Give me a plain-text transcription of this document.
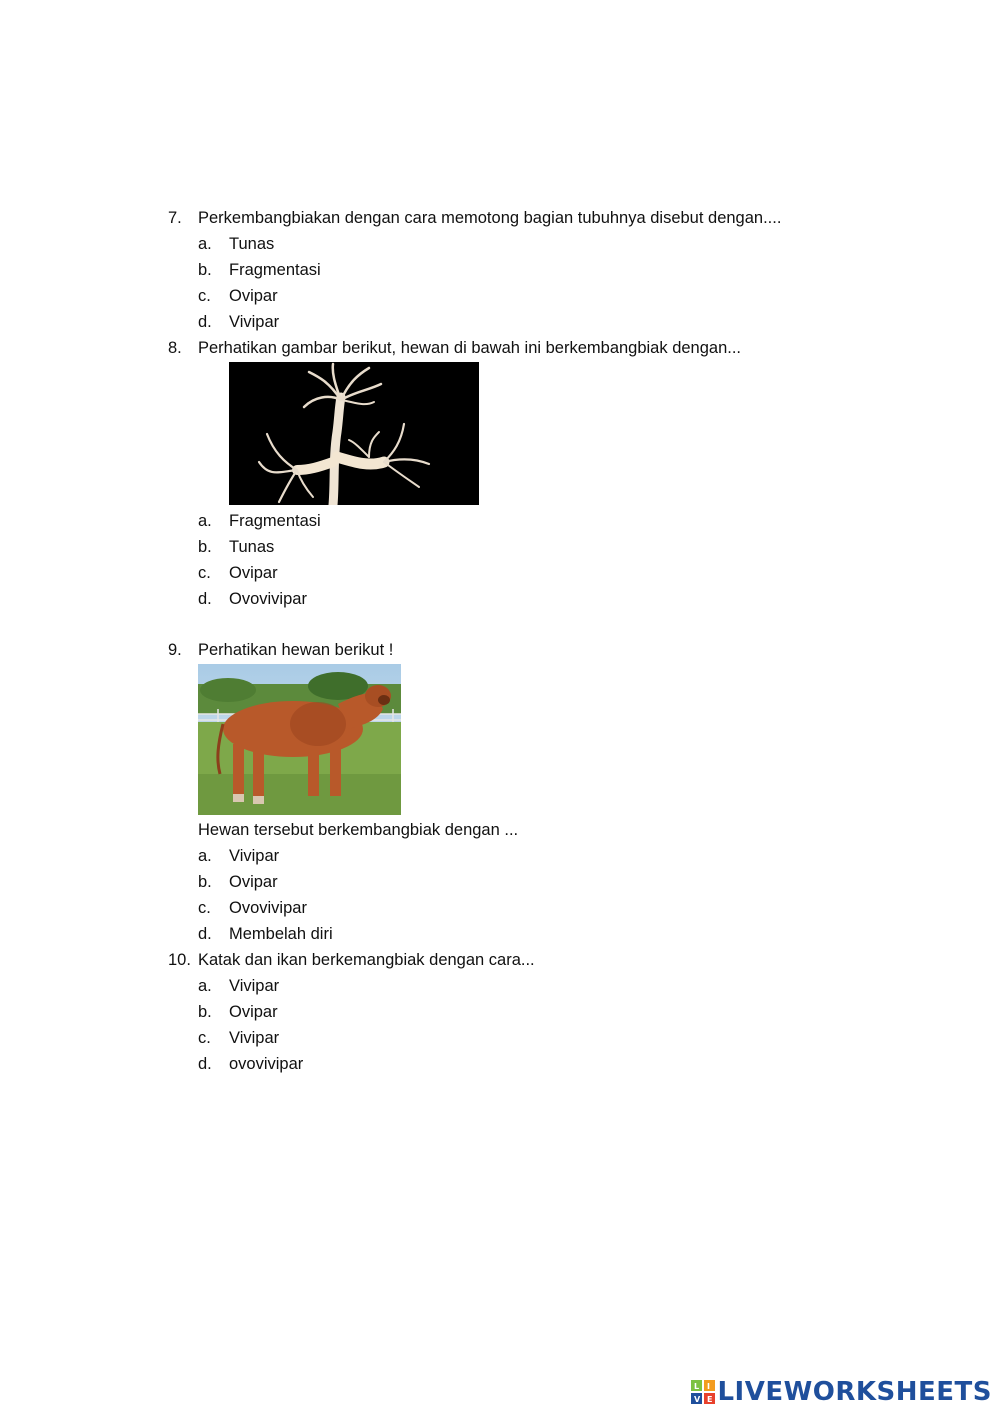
7. Perkembangbiakan dengan cara memotong bagian tubuhnya disebut dengan....
a. Tunas
b. Fragmentasi
c. Ovipar
d. Vivipar
8. Perhatikan gambar berikut, hewan di bawah ini berkembangbiak dengan...
a. Fragmentasi
b. Tunas
c. Ovipar
d. Ovovivipar
9. Perhatikan hewan berikut !
Hewan tersebut berkembangbiak dengan ...
a. Vivipar
b. Ovipar
c. Ovovivipar
d. Membelah diri
10. Katak dan ikan berkemangbiak dengan cara...
a. Vivipar
b. Ovipar
c. Vivipar
d. ovovivipar
L I
V E LIVEWORKSHEETS
